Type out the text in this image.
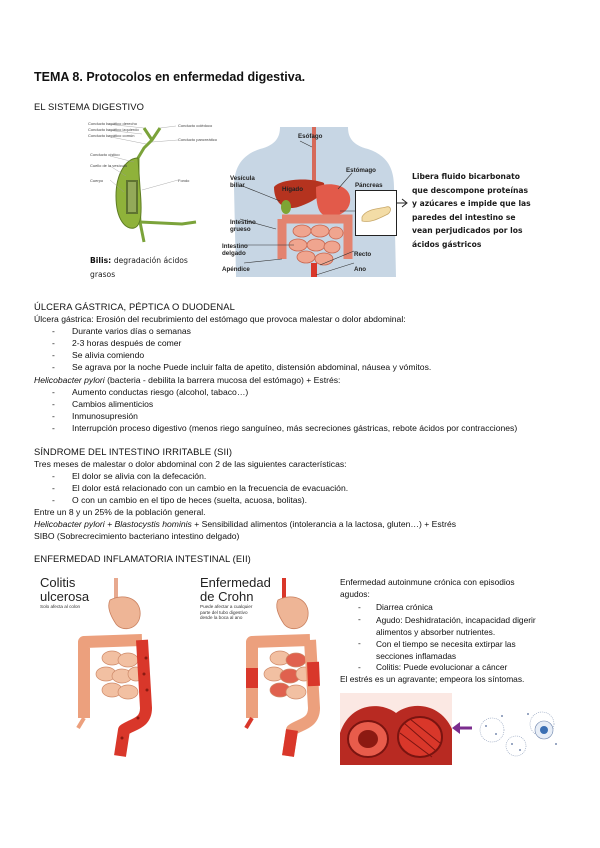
TEMA 8. Protocolos en enfermedad digestiva.
EL SISTEMA DIGESTIVO
Conducto hepático derecho
Conducto hepático izquierdo
Conducto hepático común
Conducto cístico
Cuello de la vesícula
Cuerpo
Conducto colédoco
Conducto pancreático
Fondo
Bilis: degradación ácidos grasos
Esófago
Estómago
Páncreas
Vesícula biliar
Hígado
Intestino grueso
Intestino delgado
Apéndice
Recto
Ano
Libera fluido bicarbonato
que descompone proteínas
y azúcares e impide que las
paredes del intestino se
vean perjudicados por los
ácidos gástricos
ÚLCERA GÁSTRICA, PÉPTICA O DUODENAL
Úlcera gástrica: Erosión del recubrimiento del estómago que provoca malestar o dolor abdominal:
- Durante varios días o semanas
- 2-3 horas después de comer
- Se alivia comiendo
- Se agrava por la noche Puede incluir falta de apetito, distensión abdominal, náusea y vómitos.
Helicobacter pylori (bacteria - debilita la barrera mucosa del estómago) + Estrés:
- Aumento conductas riesgo (alcohol, tabaco…)
- Cambios alimenticios
- Inmunosupresión
- Interrupción proceso digestivo (menos riego sanguíneo, más secreciones gástricas, rebote ácidos por contracciones)
SÍNDROME DEL INTESTINO IRRITABLE (SII)
Tres meses de malestar o dolor abdominal con 2 de las siguientes características:
- El dolor se alivia con la defecación.
- El dolor está relacionado con un cambio en la frecuencia de evacuación.
- O con un cambio en el tipo de heces (suelta, acuosa, bolitas).
Entre un 8 y un 25% de la población general.
Helicobacter pylori + Blastocystis hominis + Sensibilidad alimentos (intolerancia a la lactosa, gluten…) + Estrés
SIBO (Sobrecrecimiento bacteriano intestino delgado)
ENFERMEDAD INFLAMATORIA INTESTINAL (EII)
Colitis
ulcerosa
Solo afecta al colon
Enfermedad
de Crohn
Puede afectar a cualquier
parte del tubo digestivo
desde la boca al ano
Enfermedad autoinmune crónica con episodios
agudos:
- Diarrea crónica
- Agudo: Deshidratación, incapacidad digerir alimentos y absorber nutrientes.
- Con el tiempo se necesita extirpar las secciones inflamadas
- Colitis: Puede evolucionar a cáncer
El estrés es un agravante; empeora los síntomas.
